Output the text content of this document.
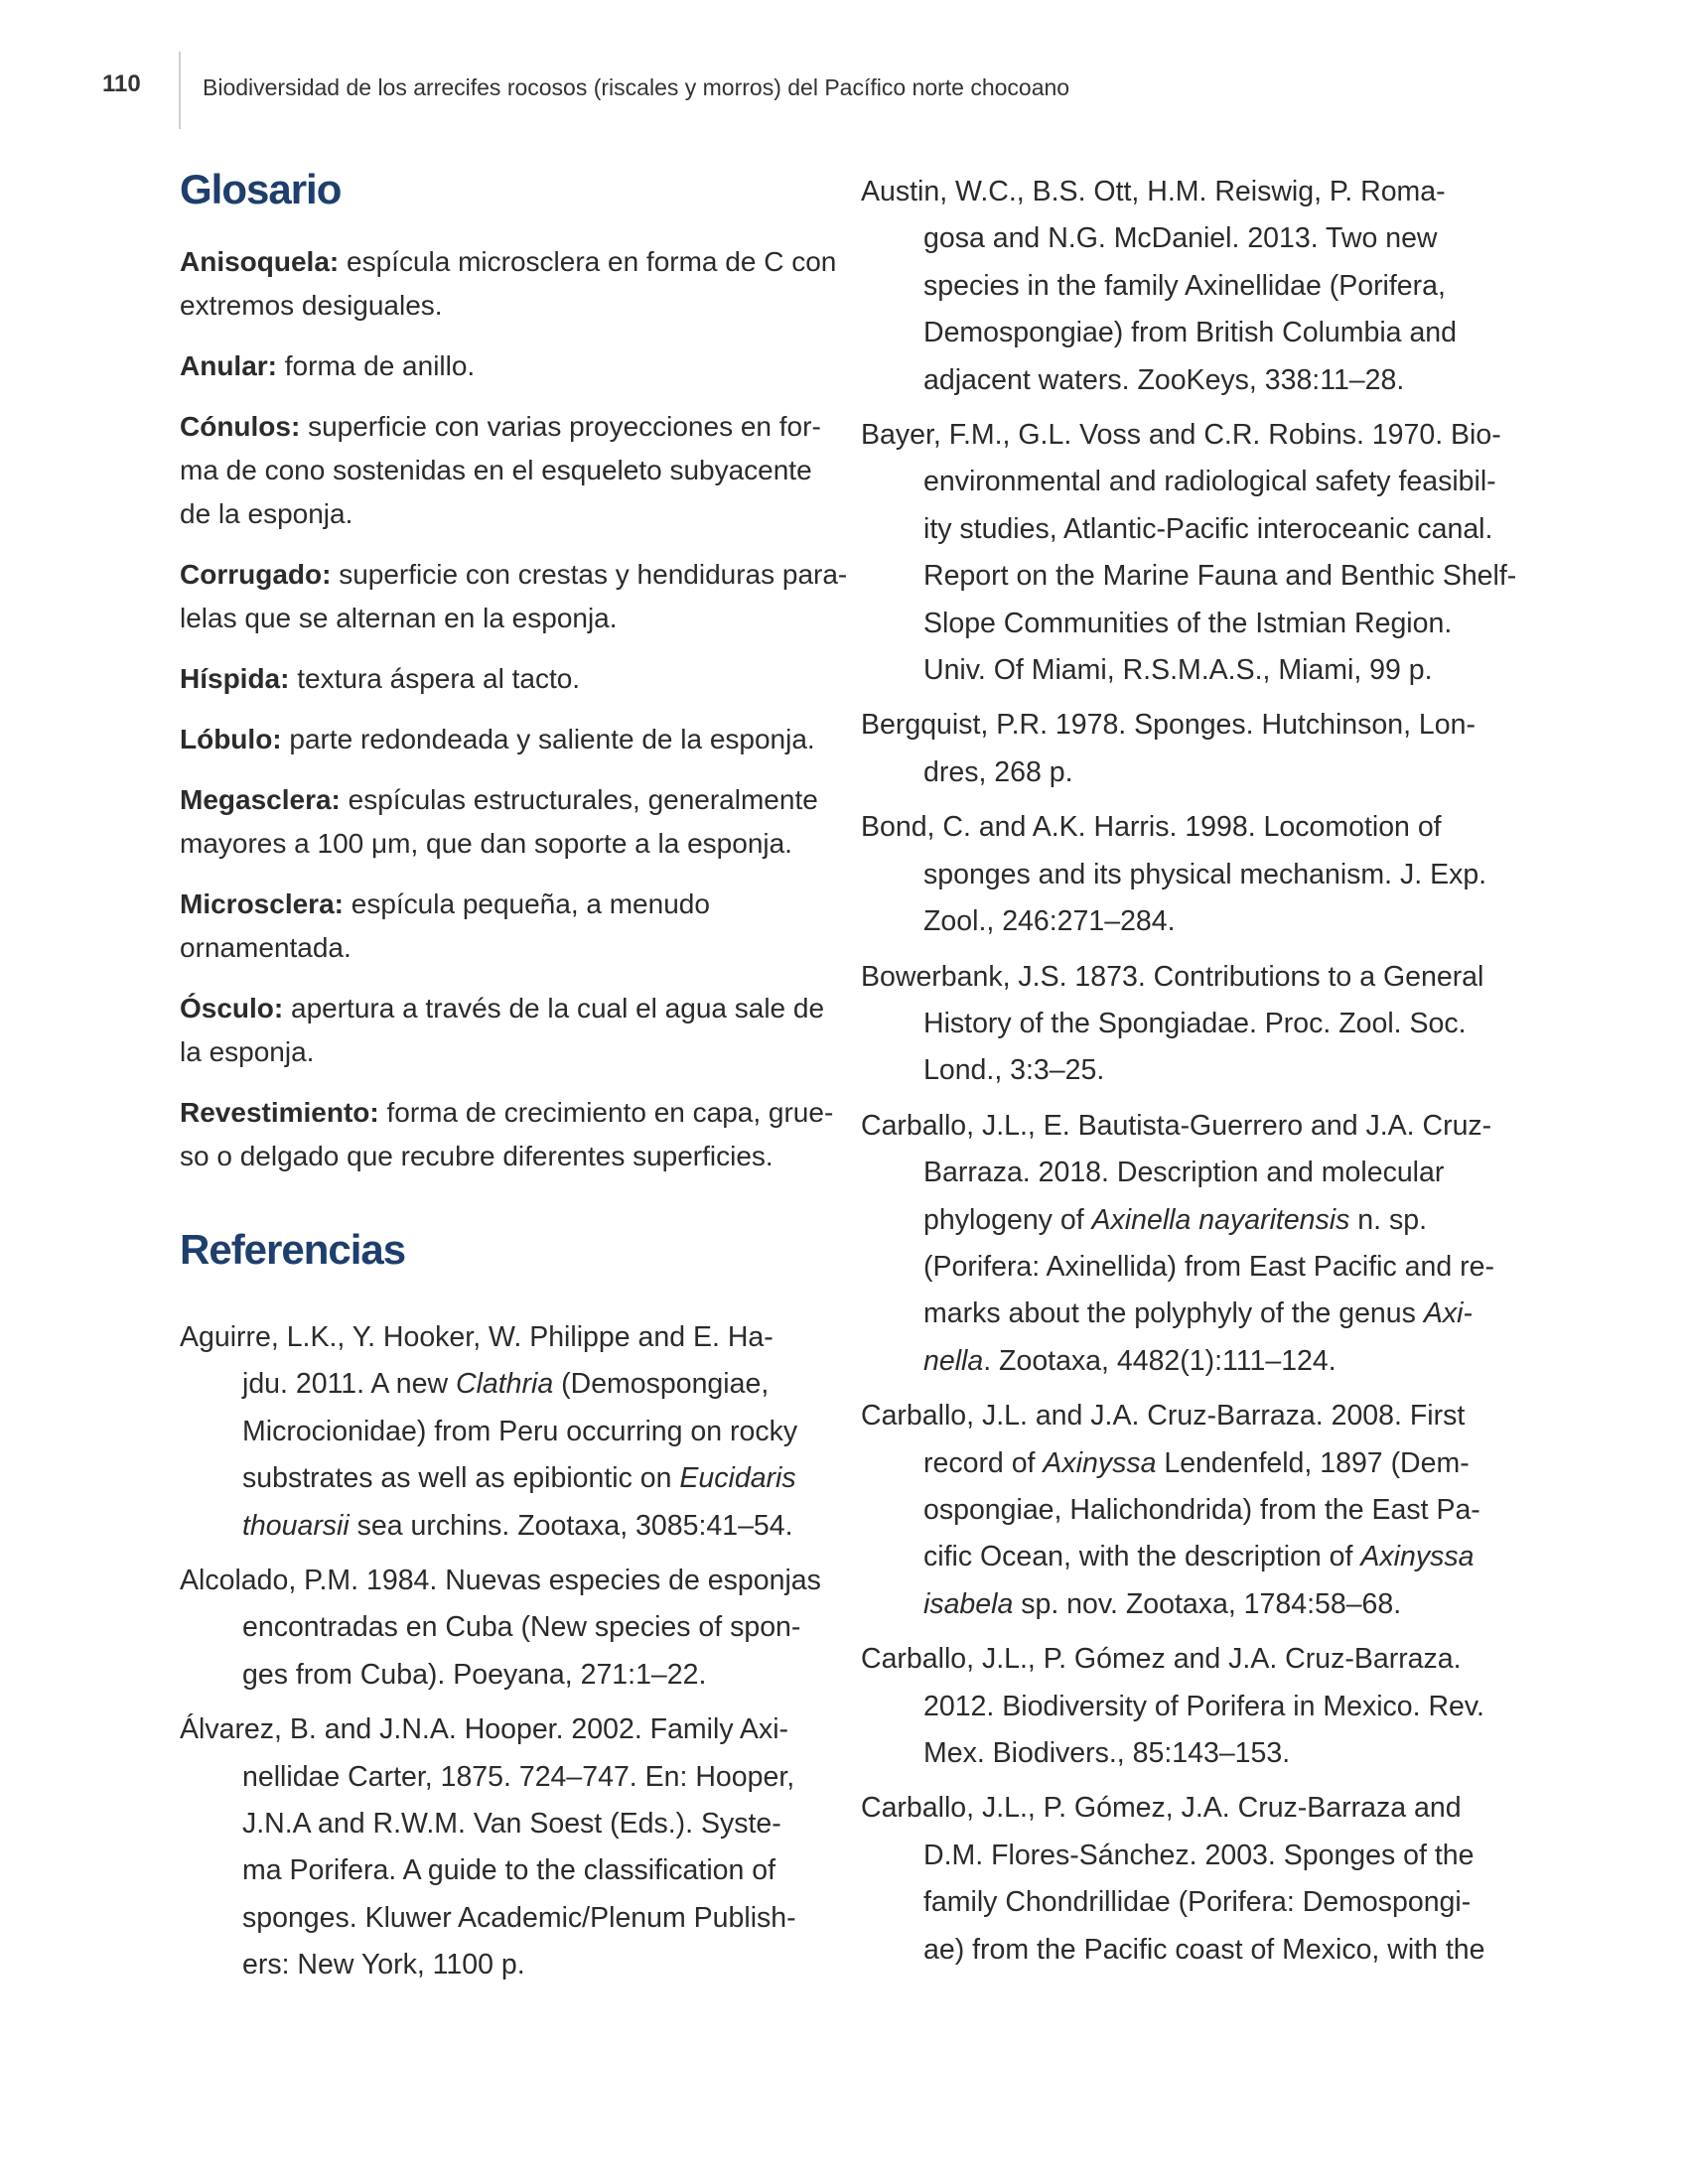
110	Biodiversidad de los arrecifes rocosos (riscales y morros) del Pacífico norte chocoano
Glosario

Anisoquela: espícula microsclera en forma de C con
extremos desiguales.

Anular: forma de anillo.

Cónulos: superficie con varias proyecciones en for-
ma de cono sostenidas en el esqueleto subyacente
de la esponja.

Corrugado: superficie con crestas y hendiduras para-
lelas que se alternan en la esponja.

Híspida: textura áspera al tacto.

Lóbulo: parte redondeada y saliente de la esponja.

Megasclera: espículas estructurales, generalmente
mayores a 100 μm, que dan soporte a la esponja.

Microsclera: espícula pequeña, a menudo
ornamentada.

Ósculo: apertura a través de la cual el agua sale de
la esponja.

Revestimiento: forma de crecimiento en capa, grue-
so o delgado que recubre diferentes superficies.

Referencias

Aguirre, L.K., Y. Hooker, W. Philippe and E. Ha-
jdu. 2011. A new Clathria (Demospongiae,
Microcionidae) from Peru occurring on rocky
substrates as well as epibiontic on Eucidaris
thouarsii sea urchins. Zootaxa, 3085:41–54.

Alcolado, P.M. 1984. Nuevas especies de esponjas
encontradas en Cuba (New species of spon-
ges from Cuba). Poeyana, 271:1–22.

Álvarez, B. and J.N.A. Hooper. 2002. Family Axi-
nellidae Carter, 1875. 724–747. En: Hooper,
J.N.A and R.W.M. Van Soest (Eds.). Syste-
ma Porifera. A guide to the classification of
sponges. Kluwer Academic/Plenum Publish-
ers: New York, 1100 p.

Austin, W.C., B.S. Ott, H.M. Reiswig, P. Roma-
gosa and N.G. McDaniel. 2013. Two new
species in the family Axinellidae (Porifera,
Demospongiae) from British Columbia and
adjacent waters. ZooKeys, 338:11–28.

Bayer, F.M., G.L. Voss and C.R. Robins. 1970. Bio-
environmental and radiological safety feasibil-
ity studies, Atlantic-Pacific interoceanic canal.
Report on the Marine Fauna and Benthic Shelf-
Slope Communities of the Istmian Region.
Univ. Of Miami, R.S.M.A.S., Miami, 99 p.

Bergquist, P.R. 1978. Sponges. Hutchinson, Lon-
dres, 268 p.

Bond, C. and A.K. Harris. 1998. Locomotion of
sponges and its physical mechanism. J. Exp.
Zool., 246:271–284.

Bowerbank, J.S. 1873. Contributions to a General
History of the Spongiadae. Proc. Zool. Soc.
Lond., 3:3–25.

Carballo, J.L., E. Bautista-Guerrero and J.A. Cruz-
Barraza. 2018. Description and molecular
phylogeny of Axinella nayaritensis n. sp.
(Porifera: Axinellida) from East Pacific and re-
marks about the polyphyly of the genus Axi-
nella. Zootaxa, 4482(1):111–124.

Carballo, J.L. and J.A. Cruz-Barraza. 2008. First
record of Axinyssa Lendenfeld, 1897 (Dem-
ospongiae, Halichondrida) from the East Pa-
cific Ocean, with the description of Axinyssa
isabela sp. nov. Zootaxa, 1784:58–68.

Carballo, J.L., P. Gómez and J.A. Cruz-Barraza.
2012. Biodiversity of Porifera in Mexico. Rev.
Mex. Biodivers., 85:143–153.

Carballo, J.L., P. Gómez, J.A. Cruz-Barraza and
D.M. Flores-Sánchez. 2003. Sponges of the
family Chondrillidae (Porifera: Demospongi-
ae) from the Pacific coast of Mexico, with the
